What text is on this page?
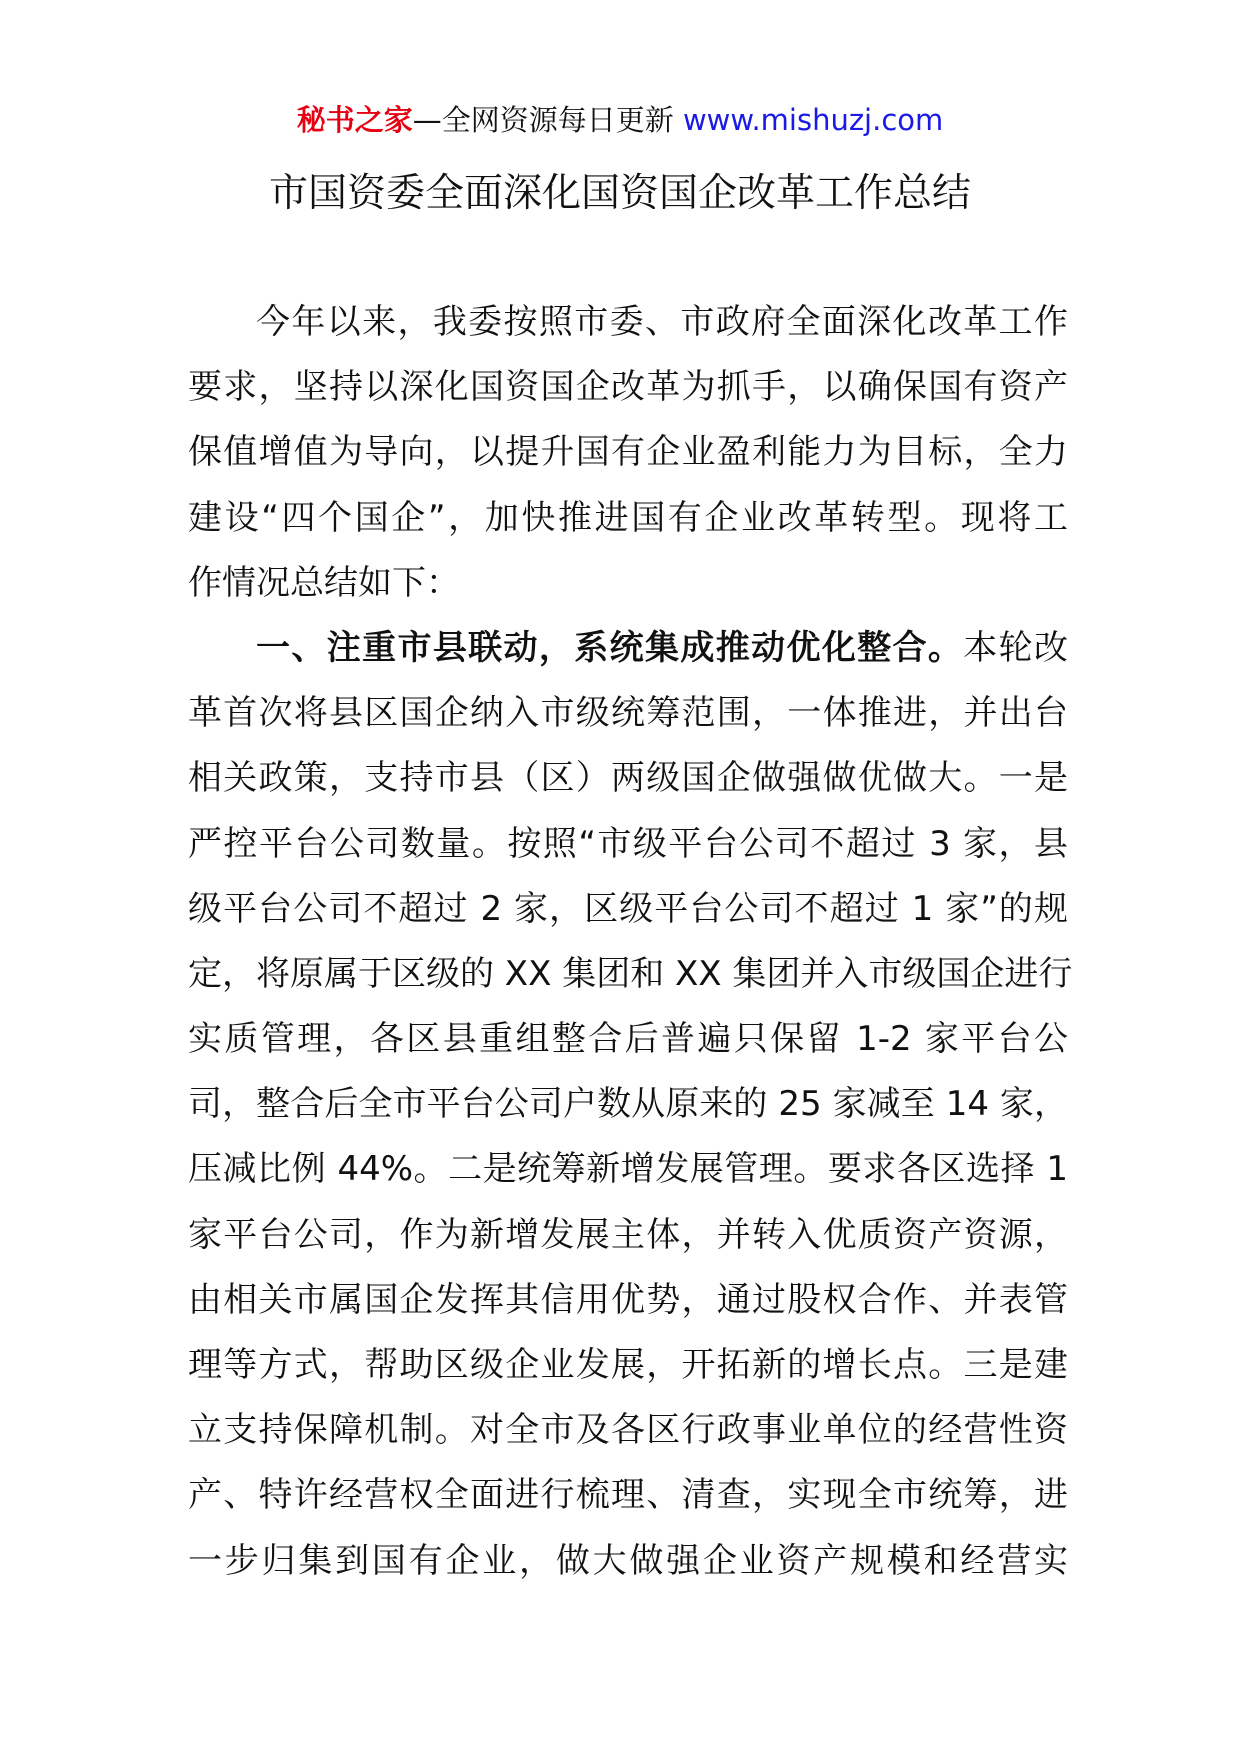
秘书之家—全网资源每日更新 www.mishuzj.com
市国资委全面深化国资国企改革工作总结
今年以来，我委按照市委、市政府全面深化改革工作
要求，坚持以深化国资国企改革为抓手，以确保国有资产
保值增值为导向，以提升国有企业盈利能力为目标，全力
建设“四个国企”，加快推进国有企业改革转型。现将工
作情况总结如下：
一、注重市县联动，系统集成推动优化整合。本轮改
革首次将县区国企纳入市级统筹范围，一体推进，并出台
相关政策，支持市县（区）两级国企做强做优做大。一是
严控平台公司数量。按照“市级平台公司不超过 3 家，县
级平台公司不超过 2 家，区级平台公司不超过 1 家”的规
定，将原属于区级的 XX 集团和 XX 集团并入市级国企进行
实质管理，各区县重组整合后普遍只保留 1-2 家平台公
司，整合后全市平台公司户数从原来的 25 家减至 14 家，
压减比例 44%。二是统筹新增发展管理。要求各区选择 1
家平台公司，作为新增发展主体，并转入优质资产资源，
由相关市属国企发挥其信用优势，通过股权合作、并表管
理等方式，帮助区级企业发展，开拓新的增长点。三是建
立支持保障机制。对全市及各区行政事业单位的经营性资
产、特许经营权全面进行梳理、清查，实现全市统筹，进
一步归集到国有企业，做大做强企业资产规模和经营实
